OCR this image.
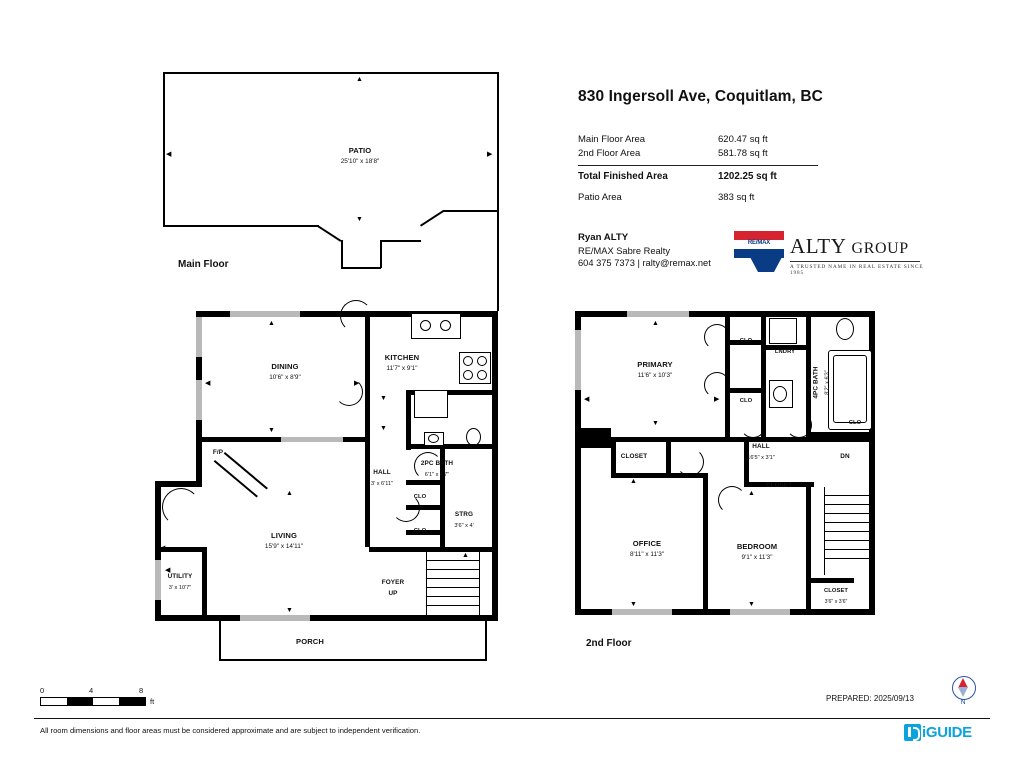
830 Ingersoll Ave, Coquitlam, BC
Main Floor Area	620.47 sq ft
2nd Floor Area	581.78 sq ft
Total Finished Area	1202.25 sq ft
Patio Area	383 sq ft
Ryan ALTY
RE/MAX Sabre Realty
604 375 7373 | ralty@remax.net
RE/MAX ALTY GROUP
A TRUSTED NAME IN REAL ESTATE SINCE 1985
Main Floor
PATIO
25'10" x 18'8"
▲
◀	▶
▼
PORCH
F/P
▲
DINING
10'6" x 8'9"
KITCHEN
11'7" x 9'1"
HALL
3' x 6'11"
2PC BATH
6'1" x 4'7"
STRG
3'6" x 4'
LIVING
15'9" x 14'11"
UTILITY
3' x 10'7"
CLO
CLO
FOYER
UP
▲
◀	▶
▼
▼
▼
◀
◀
▼
▲
2nd Floor
PRIMARY
11'6" x 10'3"
CLO
CLO
LNDRY
4PC BATH 8'2" x 6'3"
CLO
HALL
16'5" x 3'1"
CLOSET
CLOSET
DN
OFFICE
8'11" x 11'3"
BEDROOM
9'1" x 11'3"
CLOSET
3'6" x 3'6"
▲
◀	▶
▼
▲
▼	▼
▲
0	4	8
ft	PREPARED: 2025/09/13
All room dimensions and floor areas must be considered approximate and are subject to independent verification.
N
iGUIDE
